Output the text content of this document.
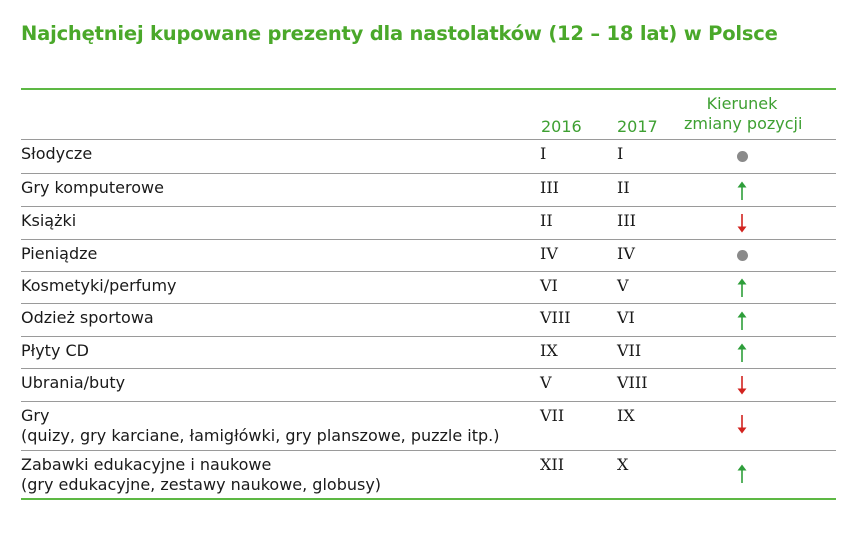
Najchętniej kupowane prezenty dla nastolatków (12 – 18 lat) w Polsce
2016 2017
Kierunek
zmiany pozycji
Słodycze	I	I
Gry komputerowe	III	II
Książki	II	III
Pieniądze	IV	IV
Kosmetyki/perfumy	VI	V
Odzież sportowa	VIII	VI
Płyty CD	IX	VII
Ubrania/buty	V	VIII
Gry
(quizy, gry karciane, łamigłówki, gry planszowe, puzzle itp.)
VII	IX
Zabawki edukacyjne i naukowe
(gry edukacyjne, zestawy naukowe, globusy)
XII	X
